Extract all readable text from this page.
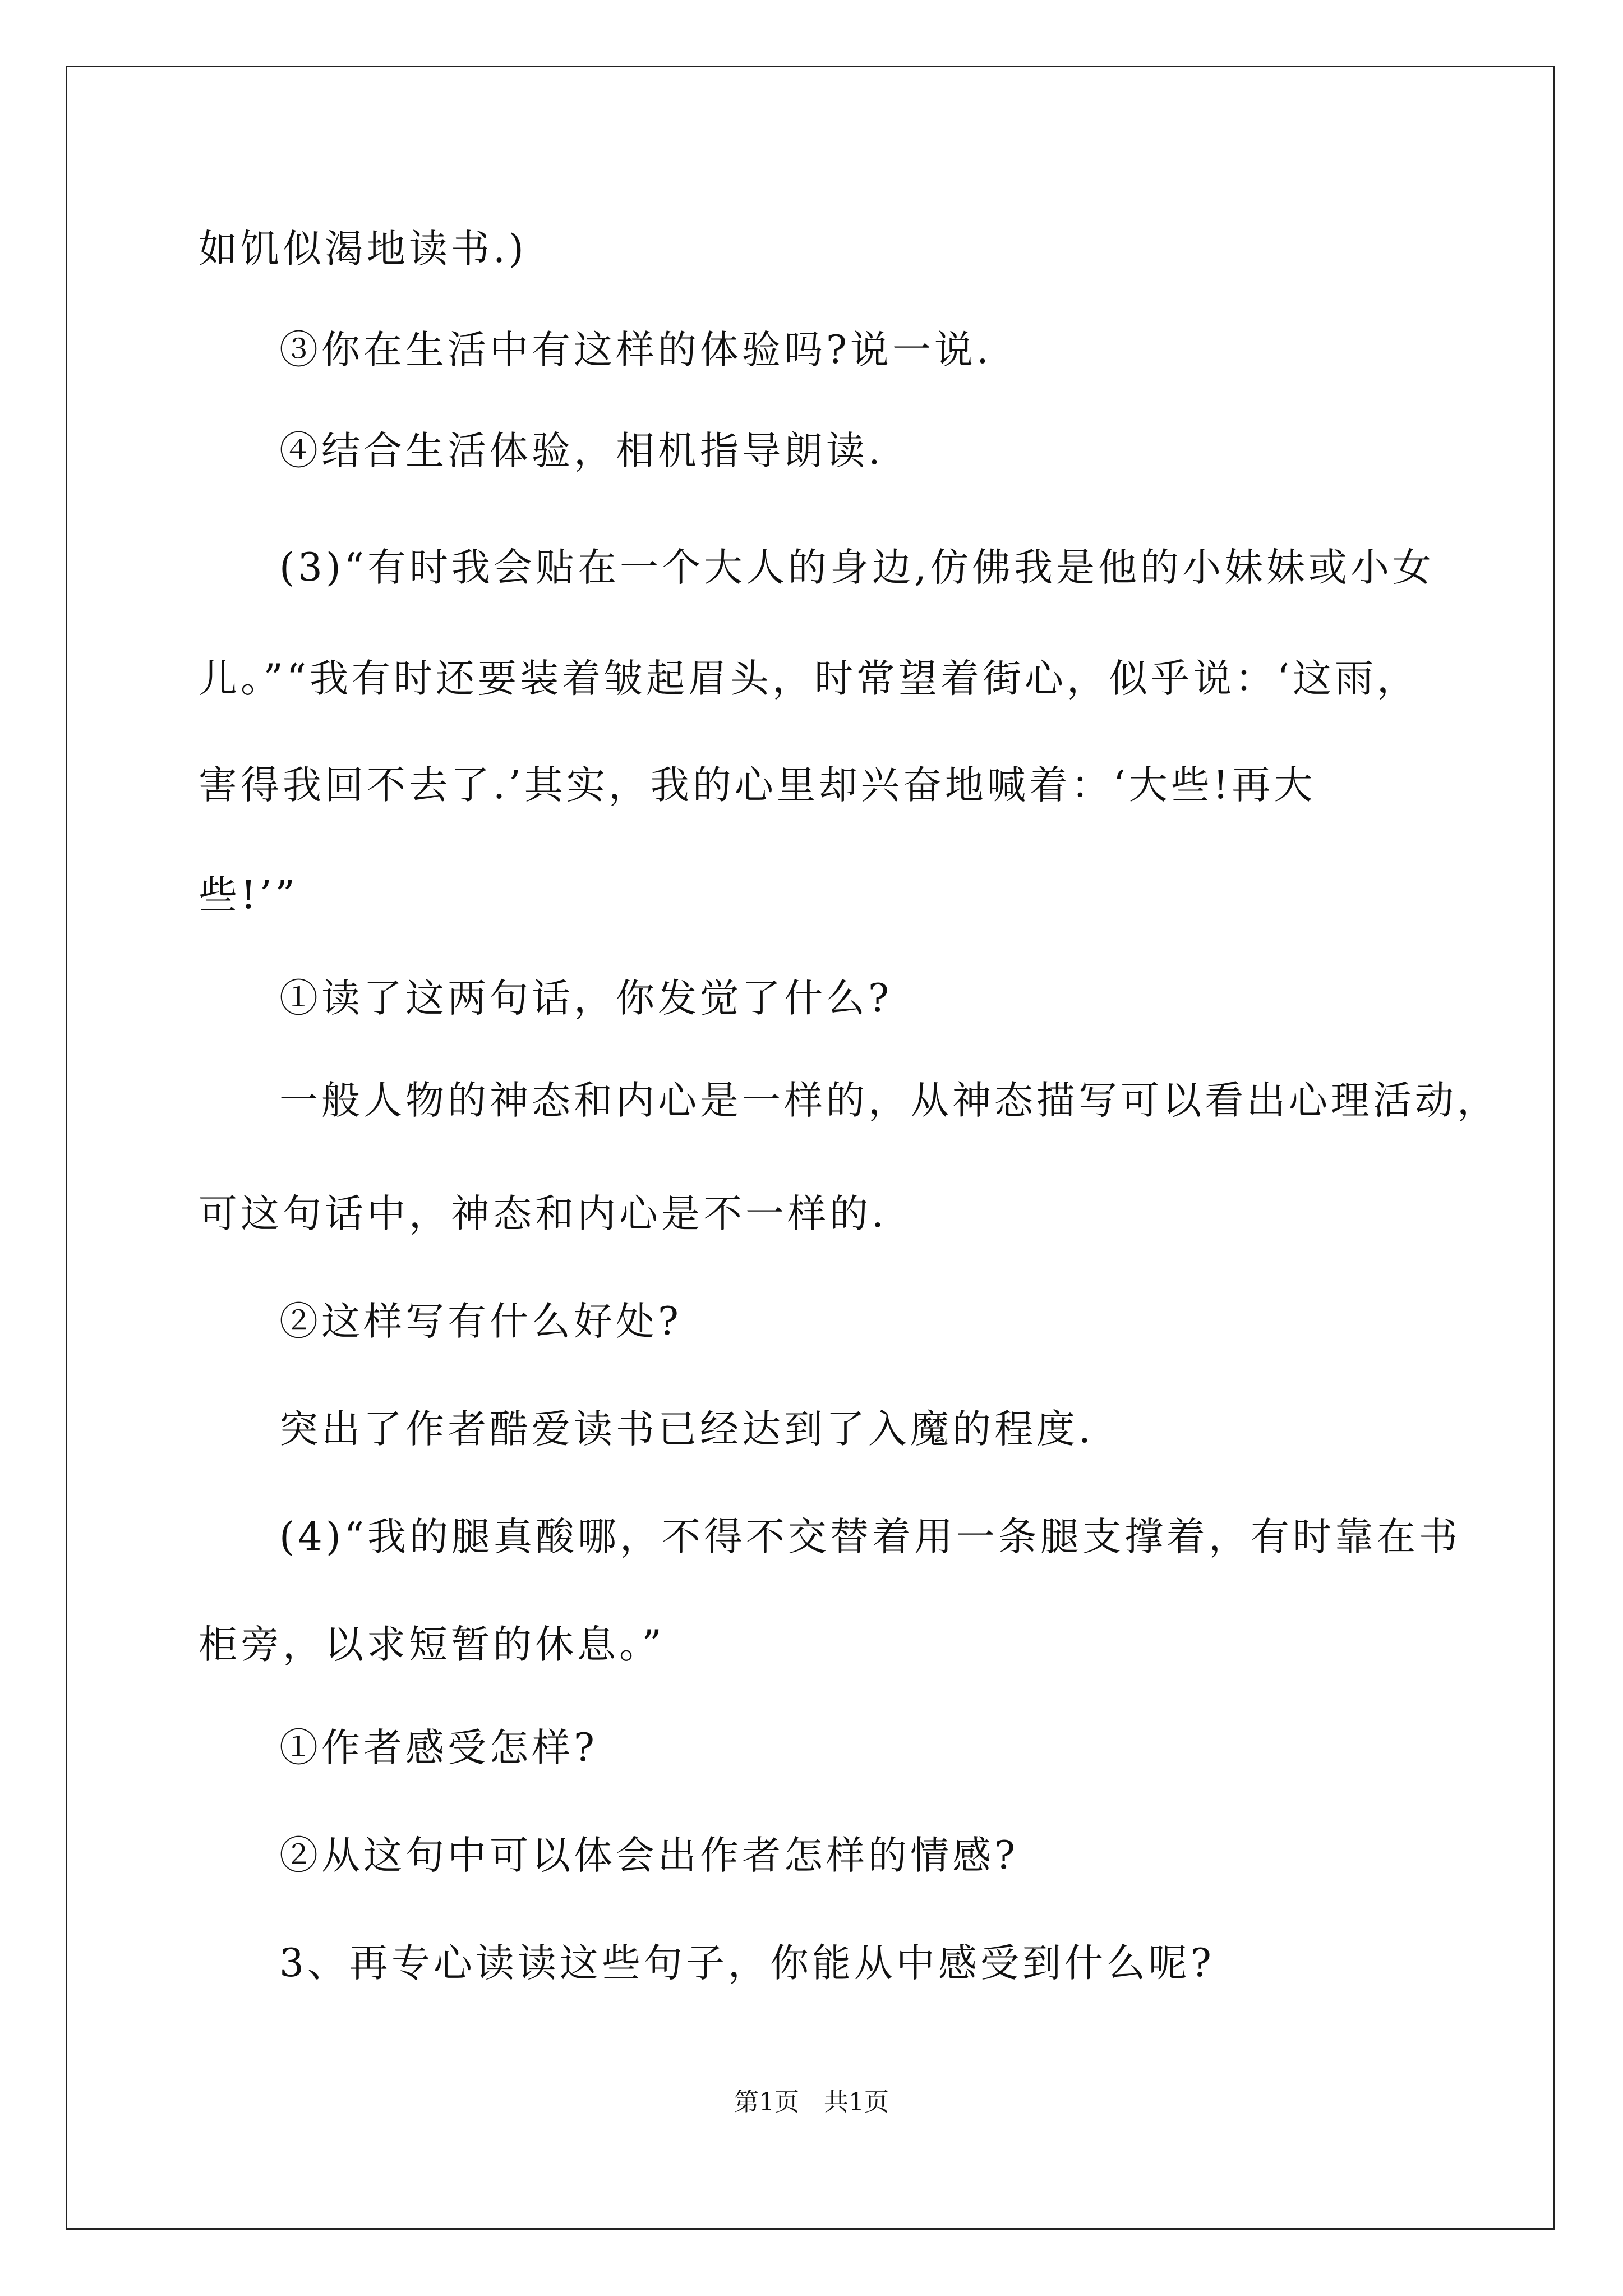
如饥似渴地读书.)
③你在生活中有这样的体验吗?说一说.
④结合生活体验，相机指导朗读.
(3)“有时我会贴在一个大人的身边,仿佛我是他的小妹妹或小女
儿。”“我有时还要装着皱起眉头，时常望着街心，似乎说：‘这雨，
害得我回不去了.’其实，我的心里却兴奋地喊着：‘大些!再大
些!’”
①读了这两句话，你发觉了什么?
一般人物的神态和内心是一样的，从神态描写可以看出心理活动，
可这句话中，神态和内心是不一样的.
②这样写有什么好处?
突出了作者酷爱读书已经达到了入魔的程度.
(4)“我的腿真酸哪，不得不交替着用一条腿支撑着，有时靠在书
柜旁，以求短暂的休息。”
①作者感受怎样?
②从这句中可以体会出作者怎样的情感?
3、再专心读读这些句子，你能从中感受到什么呢?
第1页　共1页
